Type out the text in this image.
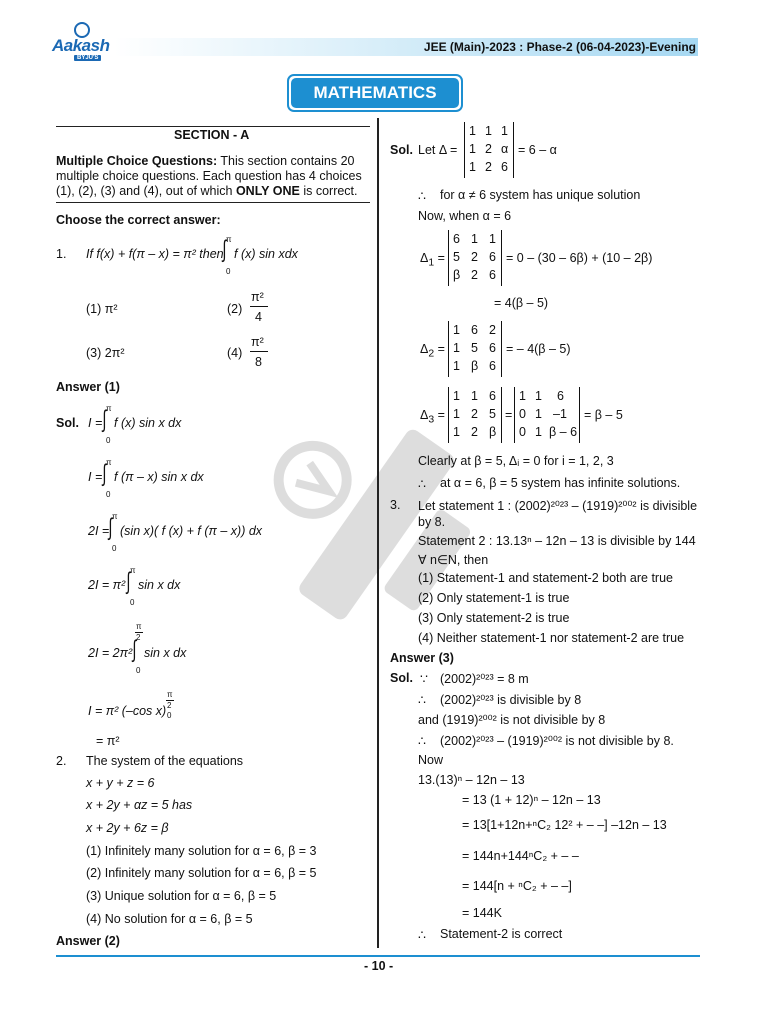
Aakash
BYJU'S
JEE (Main)-2023 : Phase-2 (06-04-2023)-Evening
MATHEMATICS
SECTION - A
Multiple Choice Questions: This section contains 20
multiple choice questions. Each question has 4 choices
(1), (2), (3) and (4), out of which ONLY ONE is correct.
Choose the correct answer:
1. If f(x) + f(π – x) = π² then
π
∫
0
f (x) sin xdx
(1) π²	(2)
π²
4
(3) 2π²	(4)
π²
8
Answer (1)
Sol. I =
π
∫
0
f (x) sin x dx
I =
π
∫
0
f (π – x) sin x dx
2I =
π
∫
0
(sin x)( f (x) + f (π – x)) dx
2I = π²
π
∫
0
sin x dx
2I = 2π²
π
2
∫
0
sin x dx
I = π² (–cos x)
π
2
0
= π²
2. The system of the equations
x + y + z = 6
x + 2y + αz = 5 has
x + 2y + 6z = β
(1) Infinitely many solution for α = 6, β = 3
(2) Infinitely many solution for α = 6, β = 5
(3) Unique solution for α = 6, β = 5
(4) No solution for α = 6, β = 5
Answer (2)
Sol. Let Δ =
1 1 1
1 2 α
1 2 6
= 6 – α
∴ for α ≠ 6 system has unique solution
Now, when α = 6
$\Delta_1$ =
6 1 1
5 2 6
β 2 6
= 0 – (30 – 6β) + (10 – 2β)
= 4(β – 5)
$\Delta_2$ =
1 6 2
1 5 6
1 β 6
= – 4(β – 5)
$\Delta_3$ =
1 1 6
1 2 5
1 2 β
=
1 1 6
0 1 –1
0 1 β – 6
= β – 5
Clearly at β = 5, Δᵢ = 0 for i = 1, 2, 3
∴ at α = 6, β = 5 system has infinite solutions.
3. Let statement 1 : (2002)²⁰²³ – (1919)²⁰⁰² is divisible
by 8.
Statement 2 : 13.13ⁿ – 12n – 13 is divisible by 144
∀ n∈N, then
(1) Statement-1 and statement-2 both are true
(2) Only statement-1 is true
(3) Only statement-2 is true
(4) Neither statement-1 nor statement-2 are true
Answer (3)
Sol. ∵ (2002)²⁰²³ = 8 m
∴ (2002)²⁰²³ is divisible by 8
and (1919)²⁰⁰² is not divisible by 8
∴ (2002)²⁰²³ – (1919)²⁰⁰² is not divisible by 8.
Now
13.(13)ⁿ – 12n – 13
= 13 (1 + 12)ⁿ – 12n – 13
= 13[1+12n+ⁿC₂ 12² + – –] –12n – 13
= 144n+144ⁿC₂ + – –
= 144[n + ⁿC₂ + – –]
= 144K
∴ Statement-2 is correct
- 10 -
